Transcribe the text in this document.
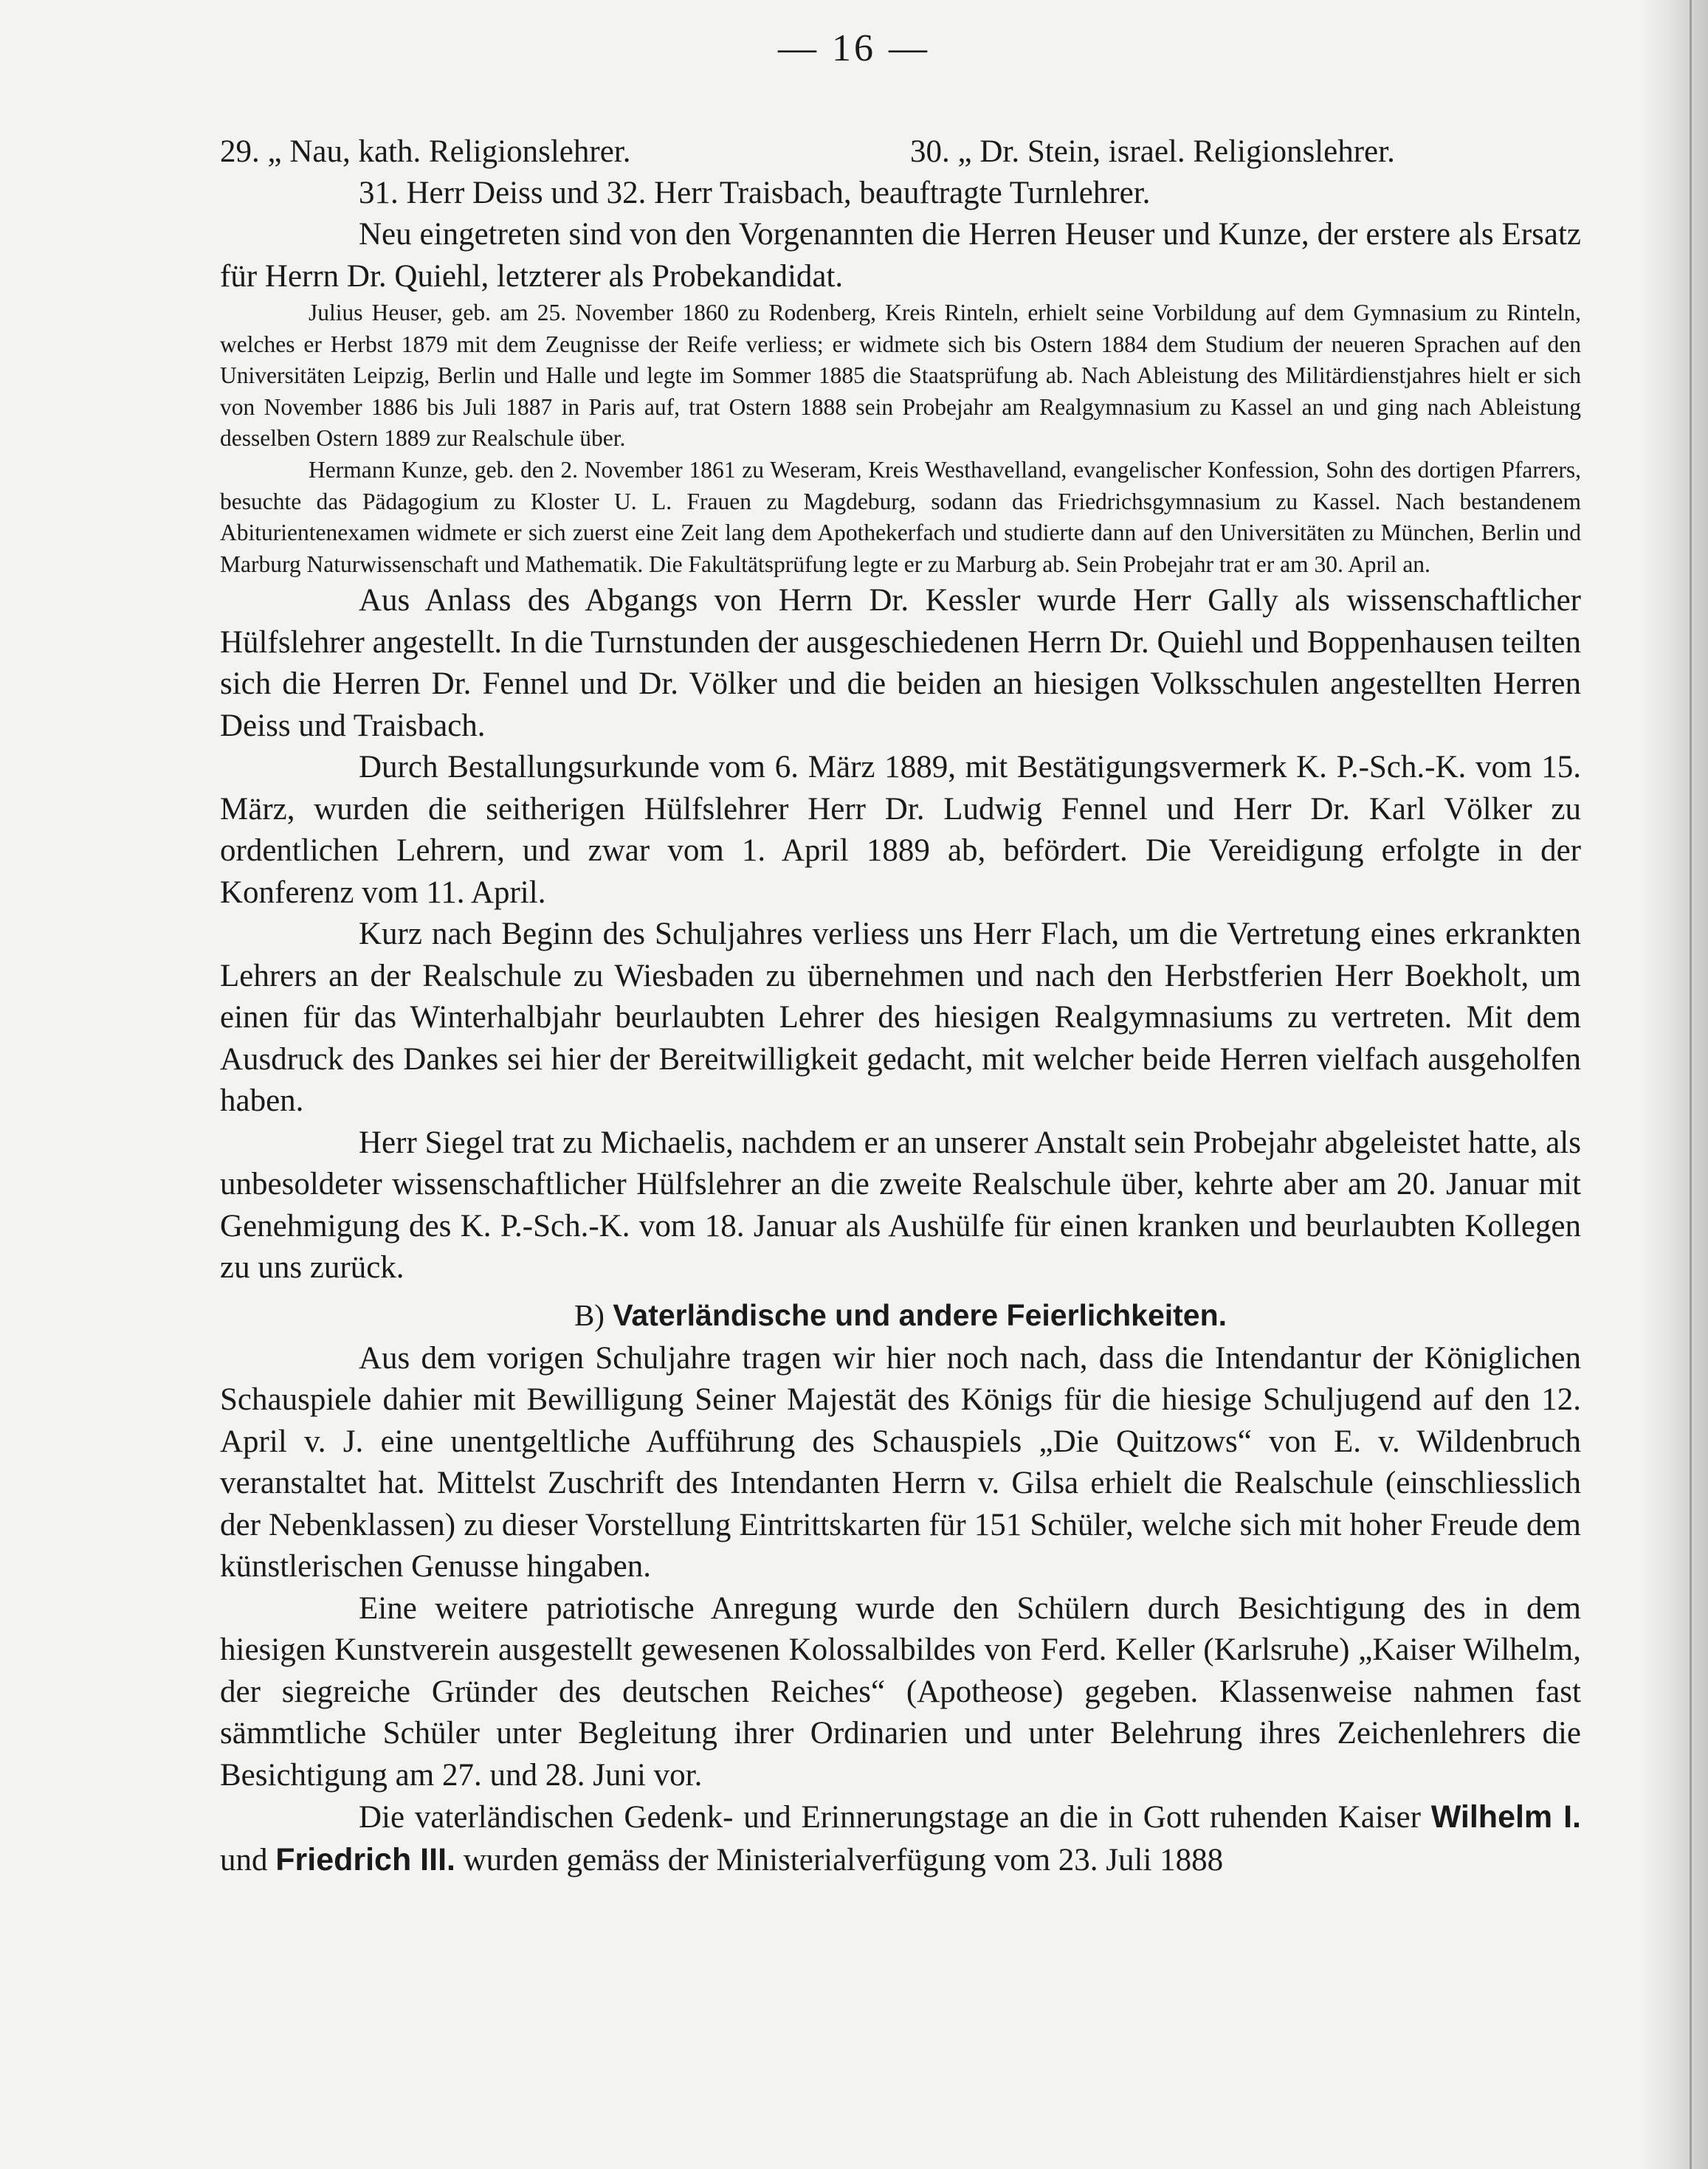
— 16 —
29. „ Nau, kath. Religionslehrer.	30. „ Dr. Stein, israel. Religionslehrer.
31. Herr Deiss und 32. Herr Traisbach, beauftragte Turnlehrer.

Neu eingetreten sind von den Vorgenannten die Herren Heuser und Kunze, der erstere als Ersatz für Herrn Dr. Quiehl, letzterer als Probekandidat.

Julius Heuser, geb. am 25. November 1860 zu Rodenberg, Kreis Rinteln, erhielt seine Vorbildung auf dem Gymnasium zu Rinteln, welches er Herbst 1879 mit dem Zeugnisse der Reife verliess; er widmete sich bis Ostern 1884 dem Studium der neueren Sprachen auf den Universitäten Leipzig, Berlin und Halle und legte im Sommer 1885 die Staatsprüfung ab. Nach Ableistung des Militärdienstjahres hielt er sich von November 1886 bis Juli 1887 in Paris auf, trat Ostern 1888 sein Probejahr am Realgymnasium zu Kassel an und ging nach Ableistung desselben Ostern 1889 zur Realschule über.

Hermann Kunze, geb. den 2. November 1861 zu Weseram, Kreis Westhavelland, evangelischer Konfession, Sohn des dortigen Pfarrers, besuchte das Pädagogium zu Kloster U. L. Frauen zu Magdeburg, sodann das Friedrichsgymnasium zu Kassel. Nach bestandenem Abiturientenexamen widmete er sich zuerst eine Zeit lang dem Apothekerfach und studierte dann auf den Universitäten zu München, Berlin und Marburg Naturwissenschaft und Mathematik. Die Fakultätsprüfung legte er zu Marburg ab. Sein Probejahr trat er am 30. April an.

Aus Anlass des Abgangs von Herrn Dr. Kessler wurde Herr Gally als wissenschaftlicher Hülfslehrer angestellt. In die Turnstunden der ausgeschiedenen Herrn Dr. Quiehl und Boppenhausen teilten sich die Herren Dr. Fennel und Dr. Völker und die beiden an hiesigen Volksschulen angestellten Herren Deiss und Traisbach.

Durch Bestallungsurkunde vom 6. März 1889, mit Bestätigungsvermerk K. P.-Sch.-K. vom 15. März, wurden die seitherigen Hülfslehrer Herr Dr. Ludwig Fennel und Herr Dr. Karl Völker zu ordentlichen Lehrern, und zwar vom 1. April 1889 ab, befördert. Die Vereidigung erfolgte in der Konferenz vom 11. April.

Kurz nach Beginn des Schuljahres verliess uns Herr Flach, um die Vertretung eines erkrankten Lehrers an der Realschule zu Wiesbaden zu übernehmen und nach den Herbstferien Herr Boekholt, um einen für das Winterhalbjahr beurlaubten Lehrer des hiesigen Realgymnasiums zu vertreten. Mit dem Ausdruck des Dankes sei hier der Bereitwilligkeit gedacht, mit welcher beide Herren vielfach ausgeholfen haben.

Herr Siegel trat zu Michaelis, nachdem er an unserer Anstalt sein Probejahr abgeleistet hatte, als unbesoldeter wissenschaftlicher Hülfslehrer an die zweite Realschule über, kehrte aber am 20. Januar mit Genehmigung des K. P.-Sch.-K. vom 18. Januar als Aushülfe für einen kranken und beurlaubten Kollegen zu uns zurück.

B) Vaterländische und andere Feierlichkeiten.

Aus dem vorigen Schuljahre tragen wir hier noch nach, dass die Intendantur der Königlichen Schauspiele dahier mit Bewilligung Seiner Majestät des Königs für die hiesige Schuljugend auf den 12. April v. J. eine unentgeltliche Aufführung des Schauspiels „Die Quitzows“ von E. v. Wildenbruch veranstaltet hat. Mittelst Zuschrift des Intendanten Herrn v. Gilsa erhielt die Realschule (einschliesslich der Nebenklassen) zu dieser Vorstellung Eintrittskarten für 151 Schüler, welche sich mit hoher Freude dem künstlerischen Genusse hingaben.

Eine weitere patriotische Anregung wurde den Schülern durch Besichtigung des in dem hiesigen Kunstverein ausgestellt gewesenen Kolossalbildes von Ferd. Keller (Karlsruhe) „Kaiser Wilhelm, der siegreiche Gründer des deutschen Reiches“ (Apotheose) gegeben. Klassenweise nahmen fast sämmtliche Schüler unter Begleitung ihrer Ordinarien und unter Belehrung ihres Zeichenlehrers die Besichtigung am 27. und 28. Juni vor.

Die vaterländischen Gedenk- und Erinnerungstage an die in Gott ruhenden Kaiser Wilhelm I. und Friedrich III. wurden gemäss der Ministerialverfügung vom 23. Juli 1888
